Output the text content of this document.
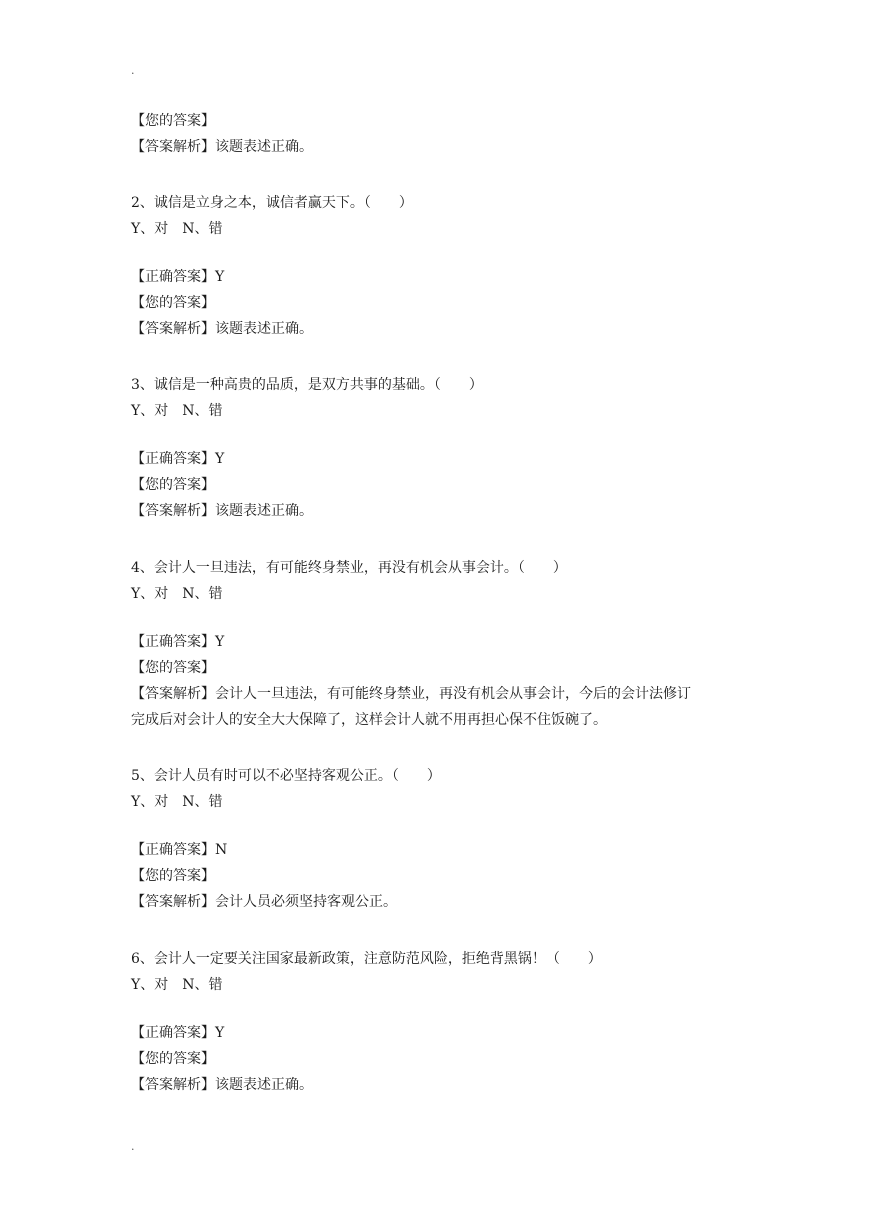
.
【您的答案】
【答案解析】该题表述正确。
2、诚信是立身之本，诚信者赢天下。（　　）
Y、对　N、错
【正确答案】Y
【您的答案】
【答案解析】该题表述正确。
3、诚信是一种高贵的品质，是双方共事的基础。（　　）
Y、对　N、错
【正确答案】Y
【您的答案】
【答案解析】该题表述正确。
4、会计人一旦违法，有可能终身禁业，再没有机会从事会计。（　　）
Y、对　N、错
【正确答案】Y
【您的答案】
【答案解析】会计人一旦违法，有可能终身禁业，再没有机会从事会计，今后的会计法修订
完成后对会计人的安全大大保障了，这样会计人就不用再担心保不住饭碗了。
5、会计人员有时可以不必坚持客观公正。（　　）
Y、对　N、错
【正确答案】N
【您的答案】
【答案解析】会计人员必须坚持客观公正。
6、会计人一定要关注国家最新政策，注意防范风险，拒绝背黑锅！（　　）
Y、对　N、错
【正确答案】Y
【您的答案】
【答案解析】该题表述正确。
.
